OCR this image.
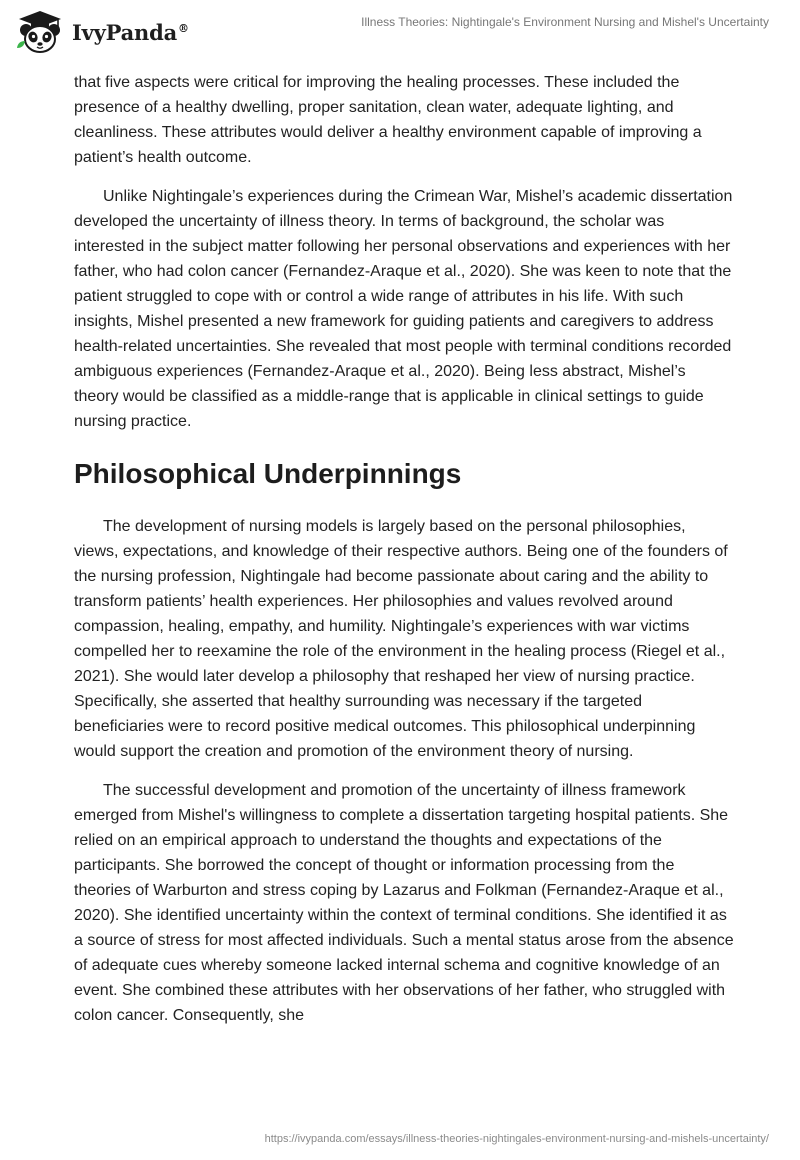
IvyPanda®	Illness Theories: Nightingale's Environment Nursing and Mishel's Uncertainty

that five aspects were critical for improving the healing processes. These included the presence of a healthy dwelling, proper sanitation, clean water, adequate lighting, and cleanliness. These attributes would deliver a healthy environment capable of improving a patient’s health outcome.

Unlike Nightingale’s experiences during the Crimean War, Mishel’s academic dissertation developed the uncertainty of illness theory. In terms of background, the scholar was interested in the subject matter following her personal observations and experiences with her father, who had colon cancer (Fernandez-Araque et al., 2020). She was keen to note that the patient struggled to cope with or control a wide range of attributes in his life. With such insights, Mishel presented a new framework for guiding patients and caregivers to address health-related uncertainties. She revealed that most people with terminal conditions recorded ambiguous experiences (Fernandez-Araque et al., 2020). Being less abstract, Mishel’s theory would be classified as a middle-range that is applicable in clinical settings to guide nursing practice.

Philosophical Underpinnings

The development of nursing models is largely based on the personal philosophies, views, expectations, and knowledge of their respective authors. Being one of the founders of the nursing profession, Nightingale had become passionate about caring and the ability to transform patients’ health experiences. Her philosophies and values revolved around compassion, healing, empathy, and humility. Nightingale’s experiences with war victims compelled her to reexamine the role of the environment in the healing process (Riegel et al., 2021). She would later develop a philosophy that reshaped her view of nursing practice. Specifically, she asserted that healthy surrounding was necessary if the targeted beneficiaries were to record positive medical outcomes. This philosophical underpinning would support the creation and promotion of the environment theory of nursing.

The successful development and promotion of the uncertainty of illness framework emerged from Mishel's willingness to complete a dissertation targeting hospital patients. She relied on an empirical approach to understand the thoughts and expectations of the participants. She borrowed the concept of thought or information processing from the theories of Warburton and stress coping by Lazarus and Folkman (Fernandez-Araque et al., 2020). She identified uncertainty within the context of terminal conditions. She identified it as a source of stress for most affected individuals. Such a mental status arose from the absence of adequate cues whereby someone lacked internal schema and cognitive knowledge of an event. She combined these attributes with her observations of her father, who struggled with colon cancer. Consequently, she

https://ivypanda.com/essays/illness-theories-nightingales-environment-nursing-and-mishels-uncertainty/
